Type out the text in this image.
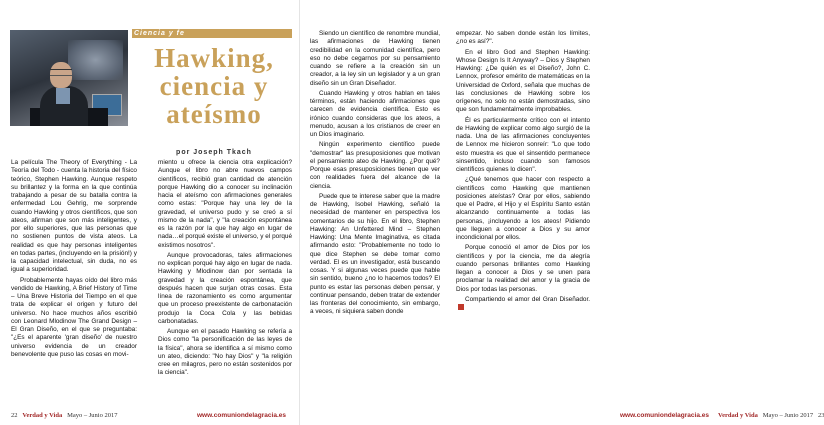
Ciencia y fe
Hawking,
ciencia y
ateísmo
por Joseph Tkach

La película The Theory of Everything - La Teoría del Todo - cuenta la historia del físico teórico, Stephen Hawking. Aunque respeto su brillantez y la forma en la que continúa trabajando a pesar de su batalla contra la enfermedad Lou Gehrig, me sorprende cuando Hawking y otros científicos, que son ateos, afirman que son más inteligentes, y por ello superiores, que las personas que no sostienen puntos de vista ateos. La realidad es que hay personas inteligentes en todas partes, (incluyendo en la prisión!) y la capacidad intelectual, sin duda, no es igual a superioridad.

Probablemente hayas oído del libro más vendido de Hawking, A Brief History of Time – Una Breve Historia del Tiempo en el que trata de explicar el origen y futuro del universo. No hace muchos años escribió con Leonard Mlodinow The Grand Design – El Gran Diseño, en el que se preguntaba: "¿Es el aparente 'gran diseño' de nuestro universo evidencia de un creador benevolente que puso las cosas en movi-

miento u ofrece la ciencia otra explicación? Aunque el libro no abre nuevos campos científicos, recibió gran cantidad de atención porque Hawking dio a conocer su inclinación hacia el ateísmo con afirmaciones generales como estas: "Porque hay una ley de la gravedad, el universo pudo y se creó a sí mismo de la nada", y "la creación espontánea es la razón por la que hay algo en lugar de nada…el porqué existe el universo, y el porqué existimos nosotros".

Aunque provocadoras, tales afirmaciones no explican porqué hay algo en lugar de nada. Hawking y Mlodinow dan por sentada la gravedad y la creación espontánea, que después hacen que surjan otras cosas. Esta línea de razonamiento es como argumentar que un proceso preexistente de carbonatación produjo la Coca Cola y las bebidas carbonatadas.

Aunque en el pasado Hawking se refería a Dios como "la personificación de las leyes de la física", ahora se identifica a sí mismo como un ateo, diciendo: "No hay Dios" y "la religión cree en milagros, pero no están sostenidos por la ciencia".

22 Verdad y Vida Mayo – Junio 2017	www.comuniondelagracia.es

Siendo un científico de renombre mundial, las afirmaciones de Hawking tienen credibilidad en la comunidad científica, pero eso no debe cegarnos por su pensamiento cuando se refiere a la creación sin un creador, a la ley sin un legislador y a un gran diseño sin un Gran Diseñador.

Cuando Hawking y otros hablan en tales términos, están haciendo afirmaciones que carecen de evidencia científica. Esto es irónico cuando consideras que los ateos, a menudo, acusan a los cristianos de creer en un Dios imaginario.

Ningún experimento científico puede "demostrar" las presuposiciones que motivan el pensamiento ateo de Hawking. ¿Por qué? Porque esas presuposiciones tienen que ver con realidades fuera del alcance de la ciencia.

Puede que te interese saber que la madre de Hawking, Isobel Hawking, señaló la necesidad de mantener en perspectiva los comentarios de su hijo. En el libro, Stephen Hawking: An Unfettered Mind – Stephen Hawking: Una Mente Imaginativa, es citada afirmando esto: "Probablemente no todo lo que dice Stephen se debe tomar como verdad. El es un investigador, está buscando cosas. Y si algunas veces puede que hable sin sentido, bueno ¿no lo hacemos todos? El punto es estar las personas deben pensar, y continuar pensando, deben tratar de extender las fronteras del conocimiento, sin embargo, a veces, ni siquiera saben donde

empezar. No saben donde están los límites, ¿no es así?".

En el libro God and Stephen Hawking: Whose Design Is It Anyway? – Dios y Stephen Hawking: ¿De quién es el Diseño?, John C. Lennox, profesor emérito de matemáticas en la Universidad de Oxford, señala que muchas de las conclusiones de Hawking sobre los orígenes, no solo no están demostradas, sino que son fundamentalmente improbables.

Él es particularmente crítico con el intento de Hawking de explicar como algo surgió de la nada. Una de las afirmaciones concluyentes de Lennox me hicieron sonreír: "Lo que todo esto muestra es que el sinsentido permanece sinsentido, incluso cuando son famosos científicos quienes lo dicen".

¿Qué tenemos que hacer con respecto a científicos como Hawking que mantienen posiciones ateístas? Orar por ellos, sabiendo que el Padre, el Hijo y el Espíritu Santo están alcanzando continuamente a todas las personas, ¡incluyendo a los ateos! Pidiendo que lleguen a conocer a Dios y su amor incondicional por ellos.

Porque conoció el amor de Dios por los científicos y por la ciencia, me da alegría cuando personas brillantes como Hawking llegan a conocer a Dios y se unen para proclamar la realidad del amor y la gracia de Dios por todas las personas.

Compartiendo el amor del Gran Diseñador.

www.comuniondelagracia.es Verdad y Vida Mayo – Junio 2017 23
